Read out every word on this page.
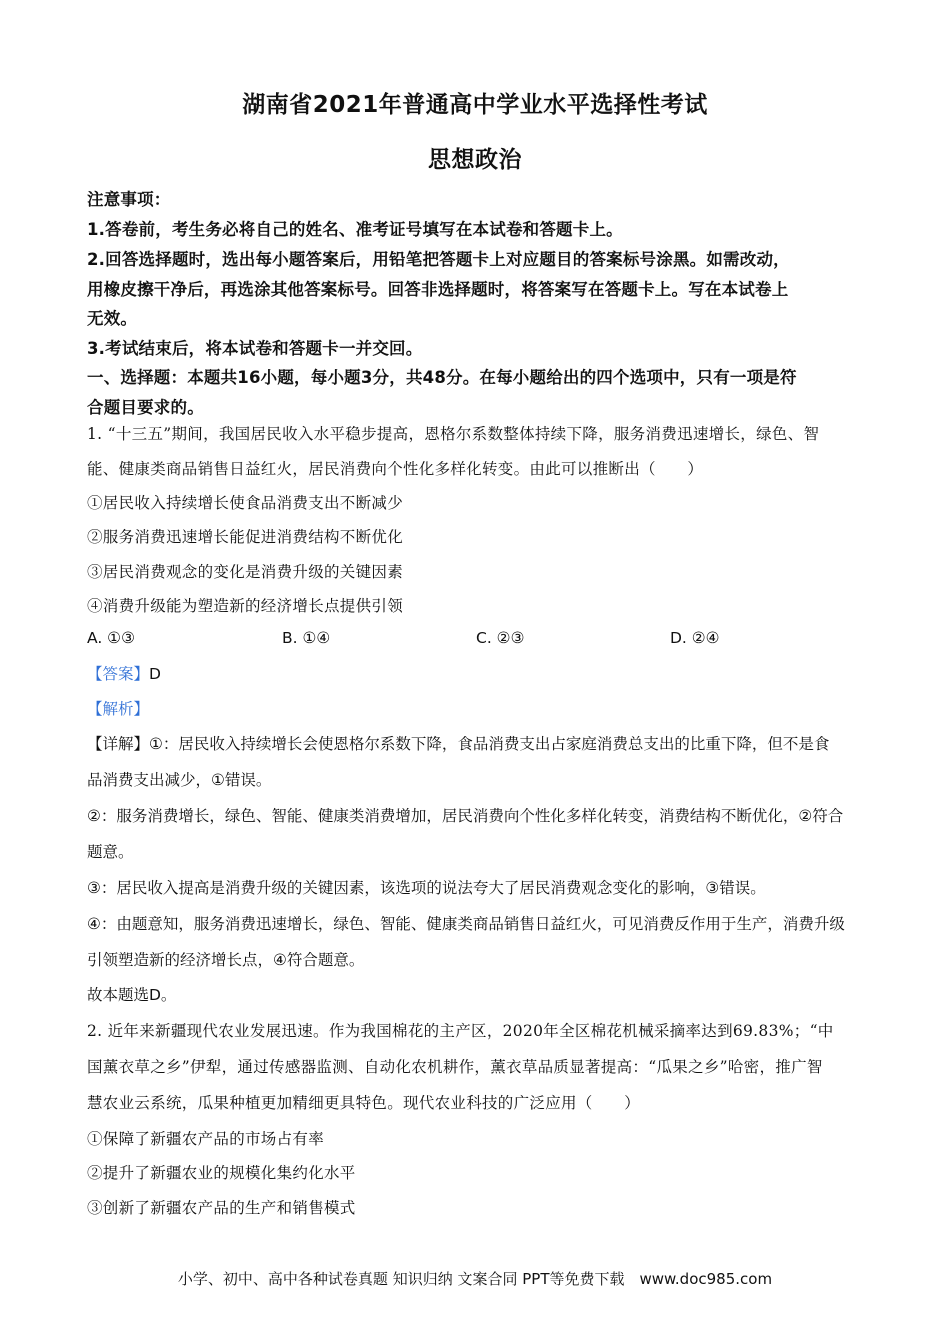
湖南省2021年普通高中学业水平选择性考试
思想政治
注意事项：
1.答卷前，考生务必将自己的姓名、准考证号填写在本试卷和答题卡上。
2.回答选择题时，选出每小题答案后，用铅笔把答题卡上对应题目的答案标号涂黑。如需改动，
用橡皮擦干净后，再选涂其他答案标号。回答非选择题时，将答案写在答题卡上。写在本试卷上
无效。
3.考试结束后，将本试卷和答题卡一并交回。
一、选择题：本题共16小题，每小题3分，共48分。在每小题给出的四个选项中，只有一项是符
合题目要求的。
1. “十三五”期间，我国居民收入水平稳步提高，恩格尔系数整体持续下降，服务消费迅速增长，绿色、智
能、健康类商品销售日益红火，居民消费向个性化多样化转变。由此可以推断出（　　）
①居民收入持续增长使食品消费支出不断减少
②服务消费迅速增长能促进消费结构不断优化
③居民消费观念的变化是消费升级的关键因素
④消费升级能为塑造新的经济增长点提供引领
A. ①③	B. ①④	C. ②③	D. ②④
【答案】D
【解析】
【详解】①：居民收入持续增长会使恩格尔系数下降，食品消费支出占家庭消费总支出的比重下降，但不是食
品消费支出减少，①错误。
②：服务消费增长，绿色、智能、健康类消费增加，居民消费向个性化多样化转变，消费结构不断优化，②符合
题意。
③：居民收入提高是消费升级的关键因素，该选项的说法夸大了居民消费观念变化的影响，③错误。
④：由题意知，服务消费迅速增长，绿色、智能、健康类商品销售日益红火，可见消费反作用于生产，消费升级
引领塑造新的经济增长点，④符合题意。
故本题选D。
2. 近年来新疆现代农业发展迅速。作为我国棉花的主产区，2020年全区棉花机械采摘率达到69.83%；“中
国薰衣草之乡”伊犁，通过传感器监测、自动化农机耕作，薰衣草品质显著提高：“瓜果之乡”哈密，推广智
慧农业云系统，瓜果种植更加精细更具特色。现代农业科技的广泛应用（　　）
①保障了新疆农产品的市场占有率
②提升了新疆农业的规模化集约化水平
③创新了新疆农产品的生产和销售模式
小学、初中、高中各种试卷真题 知识归纳 文案合同 PPT等免费下载　www.doc985.com
